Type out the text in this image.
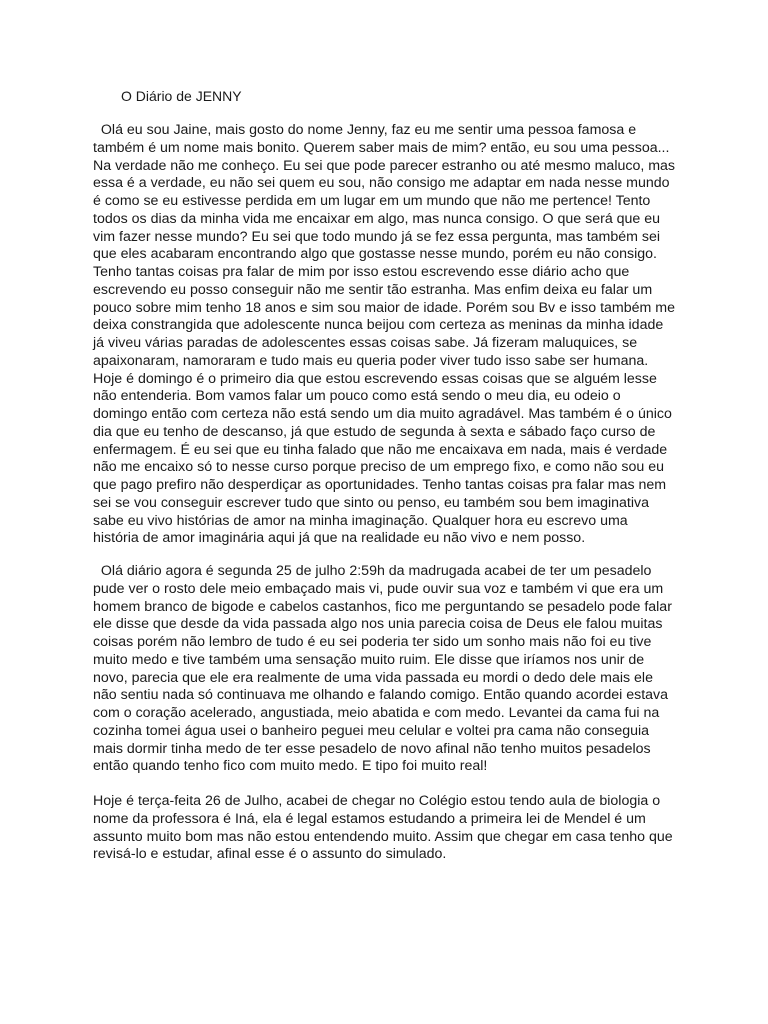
O Diário de JENNY
Olá eu sou Jaine, mais gosto do nome Jenny, faz eu me sentir uma pessoa famosa e
também é um nome mais bonito. Querem saber mais de mim? então, eu sou uma pessoa...
Na verdade não me conheço. Eu sei que pode parecer estranho ou até mesmo maluco, mas
essa é a verdade, eu não sei quem eu sou, não consigo me adaptar em nada nesse mundo
é como se eu estivesse perdida em um lugar em um mundo que não me pertence! Tento
todos os dias da minha vida me encaixar em algo, mas nunca consigo. O que será que eu
vim fazer nesse mundo? Eu sei que todo mundo já se fez essa pergunta, mas também sei
que eles acabaram encontrando algo que gostasse nesse mundo, porém eu não consigo.
Tenho tantas coisas pra falar de mim por isso estou escrevendo esse diário acho que
escrevendo eu posso conseguir não me sentir tão estranha. Mas enfim deixa eu falar um
pouco sobre mim tenho 18 anos e sim sou maior de idade. Porém sou Bv e isso também me
deixa constrangida que adolescente nunca beijou com certeza as meninas da minha idade
já viveu várias paradas de adolescentes essas coisas sabe. Já fizeram maluquices, se
apaixonaram, namoraram e tudo mais eu queria poder viver tudo isso sabe ser humana.
Hoje é domingo é o primeiro dia que estou escrevendo essas coisas que se alguém lesse
não entenderia. Bom vamos falar um pouco como está sendo o meu dia, eu odeio o
domingo então com certeza não está sendo um dia muito agradável. Mas também é o único
dia que eu tenho de descanso, já que estudo de segunda à sexta e sábado faço curso de
enfermagem. É eu sei que eu tinha falado que não me encaixava em nada, mais é verdade
não me encaixo só to nesse curso porque preciso de um emprego fixo, e como não sou eu
que pago prefiro não desperdiçar as oportunidades. Tenho tantas coisas pra falar mas nem
sei se vou conseguir escrever tudo que sinto ou penso, eu também sou bem imaginativa
sabe eu vivo histórias de amor na minha imaginação. Qualquer hora eu escrevo uma
história de amor imaginária aqui já que na realidade eu não vivo e nem posso.
Olá diário agora é segunda 25 de julho 2:59h da madrugada acabei de ter um pesadelo
pude ver o rosto dele meio embaçado mais vi, pude ouvir sua voz e também vi que era um
homem branco de bigode e cabelos castanhos, fico me perguntando se pesadelo pode falar
ele disse que desde da vida passada algo nos unia parecia coisa de Deus ele falou muitas
coisas porém não lembro de tudo é eu sei poderia ter sido um sonho mais não foi eu tive
muito medo e tive também uma sensação muito ruim. Ele disse que iríamos nos unir de
novo, parecia que ele era realmente de uma vida passada eu mordi o dedo dele mais ele
não sentiu nada só continuava me olhando e falando comigo. Então quando acordei estava
com o coração acelerado, angustiada, meio abatida e com medo. Levantei da cama fui na
cozinha tomei água usei o banheiro peguei meu celular e voltei pra cama não conseguia
mais dormir tinha medo de ter esse pesadelo de novo afinal não tenho muitos pesadelos
então quando tenho fico com muito medo. E tipo foi muito real!
Hoje é terça-feita 26 de Julho, acabei de chegar no Colégio estou tendo aula de biologia o
nome da professora é Iná, ela é legal estamos estudando a primeira lei de Mendel é um
assunto muito bom mas não estou entendendo muito. Assim que chegar em casa tenho que
revisá-lo e estudar, afinal esse é o assunto do simulado.
